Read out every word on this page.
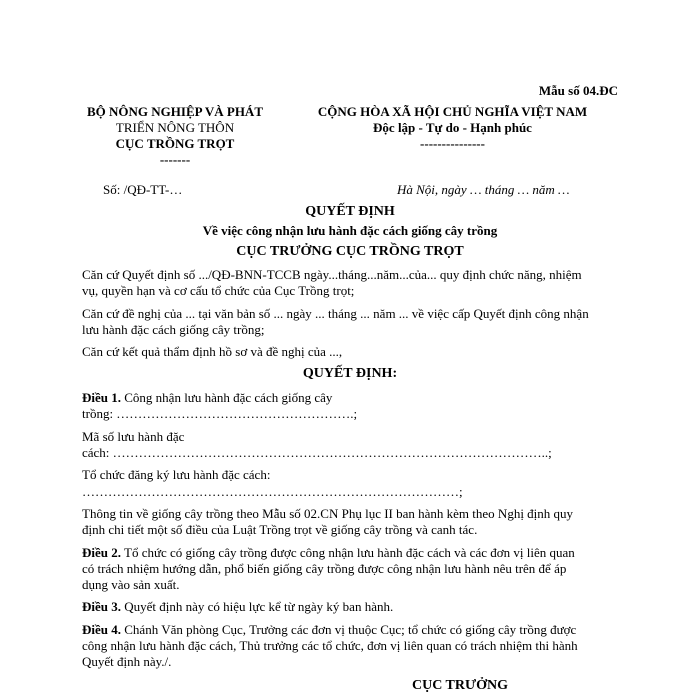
Mẫu số 04.ĐC
BỘ NÔNG NGHIỆP VÀ PHÁT
TRIỂN NÔNG THÔN
CỤC TRỒNG TRỌT
-------
CỘNG HÒA XÃ HỘI CHỦ NGHĨA VIỆT NAM
Độc lập - Tự do - Hạnh phúc
---------------
Số: /QĐ-TT-…	Hà Nội, ngày … tháng … năm …
QUYẾT ĐỊNH
Về việc công nhận lưu hành đặc cách giống cây trồng
CỤC TRƯỞNG CỤC TRỒNG TRỌT
Căn cứ Quyết định số .../QĐ-BNN-TCCB ngày...tháng...năm...của... quy định chức năng, nhiệm
vụ, quyền hạn và cơ cấu tổ chức của Cục Trồng trọt;
Căn cứ đề nghị của ... tại văn bản số ... ngày ... tháng ... năm ... về việc cấp Quyết định công nhận
lưu hành đặc cách giống cây trồng;
Căn cứ kết quả thẩm định hồ sơ và đề nghị của ...,
QUYẾT ĐỊNH:
Điều 1. Công nhận lưu hành đặc cách giống cây
trồng: ……………………………………………….;
Mã số lưu hành đặc
cách: ………………………………………………………………………………………..;
Tổ chức đăng ký lưu hành đặc cách:
……………………………………………………………………………;
Thông tin về giống cây trồng theo Mẫu số 02.CN Phụ lục II ban hành kèm theo Nghị định quy
định chi tiết một số điều của Luật Trồng trọt về giống cây trồng và canh tác.
Điều 2. Tổ chức có giống cây trồng được công nhận lưu hành đặc cách và các đơn vị liên quan
có trách nhiệm hướng dẫn, phổ biến giống cây trồng được công nhận lưu hành nêu trên để áp
dụng vào sản xuất.
Điều 3. Quyết định này có hiệu lực kể từ ngày ký ban hành.
Điều 4. Chánh Văn phòng Cục, Trưởng các đơn vị thuộc Cục; tổ chức có giống cây trồng được
công nhận lưu hành đặc cách, Thủ trưởng các tổ chức, đơn vị liên quan có trách nhiệm thi hành
Quyết định này./.
CỤC TRƯỞNG
